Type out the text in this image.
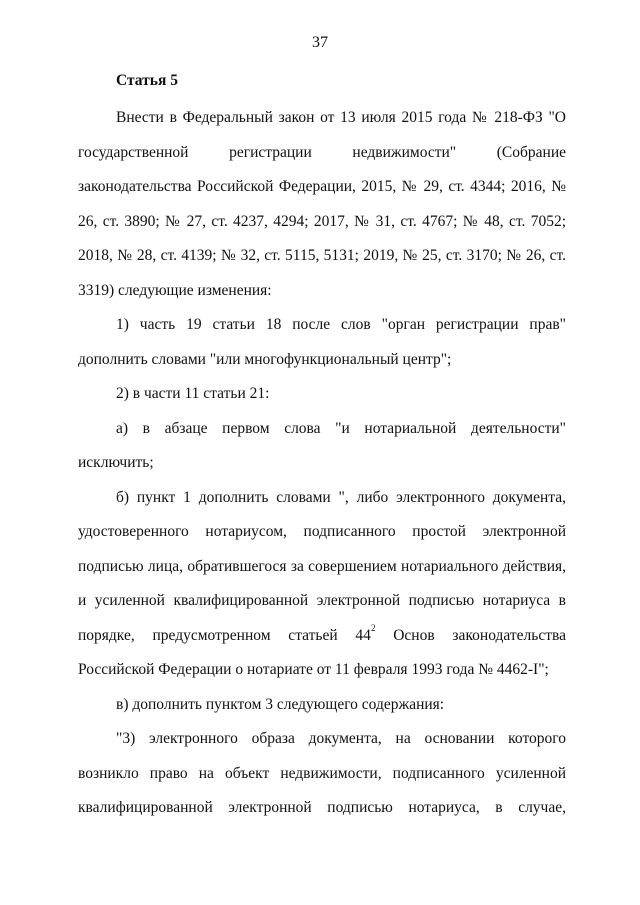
37
Статья 5

Внести в Федеральный закон от 13 июля 2015 года № 218-ФЗ "О государственной регистрации недвижимости" (Собрание законодательства Российской Федерации, 2015, № 29, ст. 4344; 2016, № 26, ст. 3890; № 27, ст. 4237, 4294; 2017, № 31, ст. 4767; № 48, ст. 7052; 2018, № 28, ст. 4139; № 32, ст. 5115, 5131; 2019, № 25, ст. 3170; № 26, ст. 3319) следующие изменения:

1) часть 19 статьи 18 после слов "орган регистрации прав" дополнить словами "или многофункциональный центр";

2) в части 11 статьи 21:

а) в абзаце первом слова "и нотариальной деятельности" исключить;

б) пункт 1 дополнить словами ", либо электронного документа, удостоверенного нотариусом, подписанного простой электронной подписью лица, обратившегося за совершением нотариального действия, и усиленной квалифицированной электронной подписью нотариуса в порядке, предусмотренном статьей $44^2$ Основ законодательства Российской Федерации о нотариате от 11 февраля 1993 года № 4462-I";

в) дополнить пунктом 3 следующего содержания:

"3) электронного образа документа, на основании которого возникло право на объект недвижимости, подписанного усиленной квалифицированной электронной подписью нотариуса, в случае,
